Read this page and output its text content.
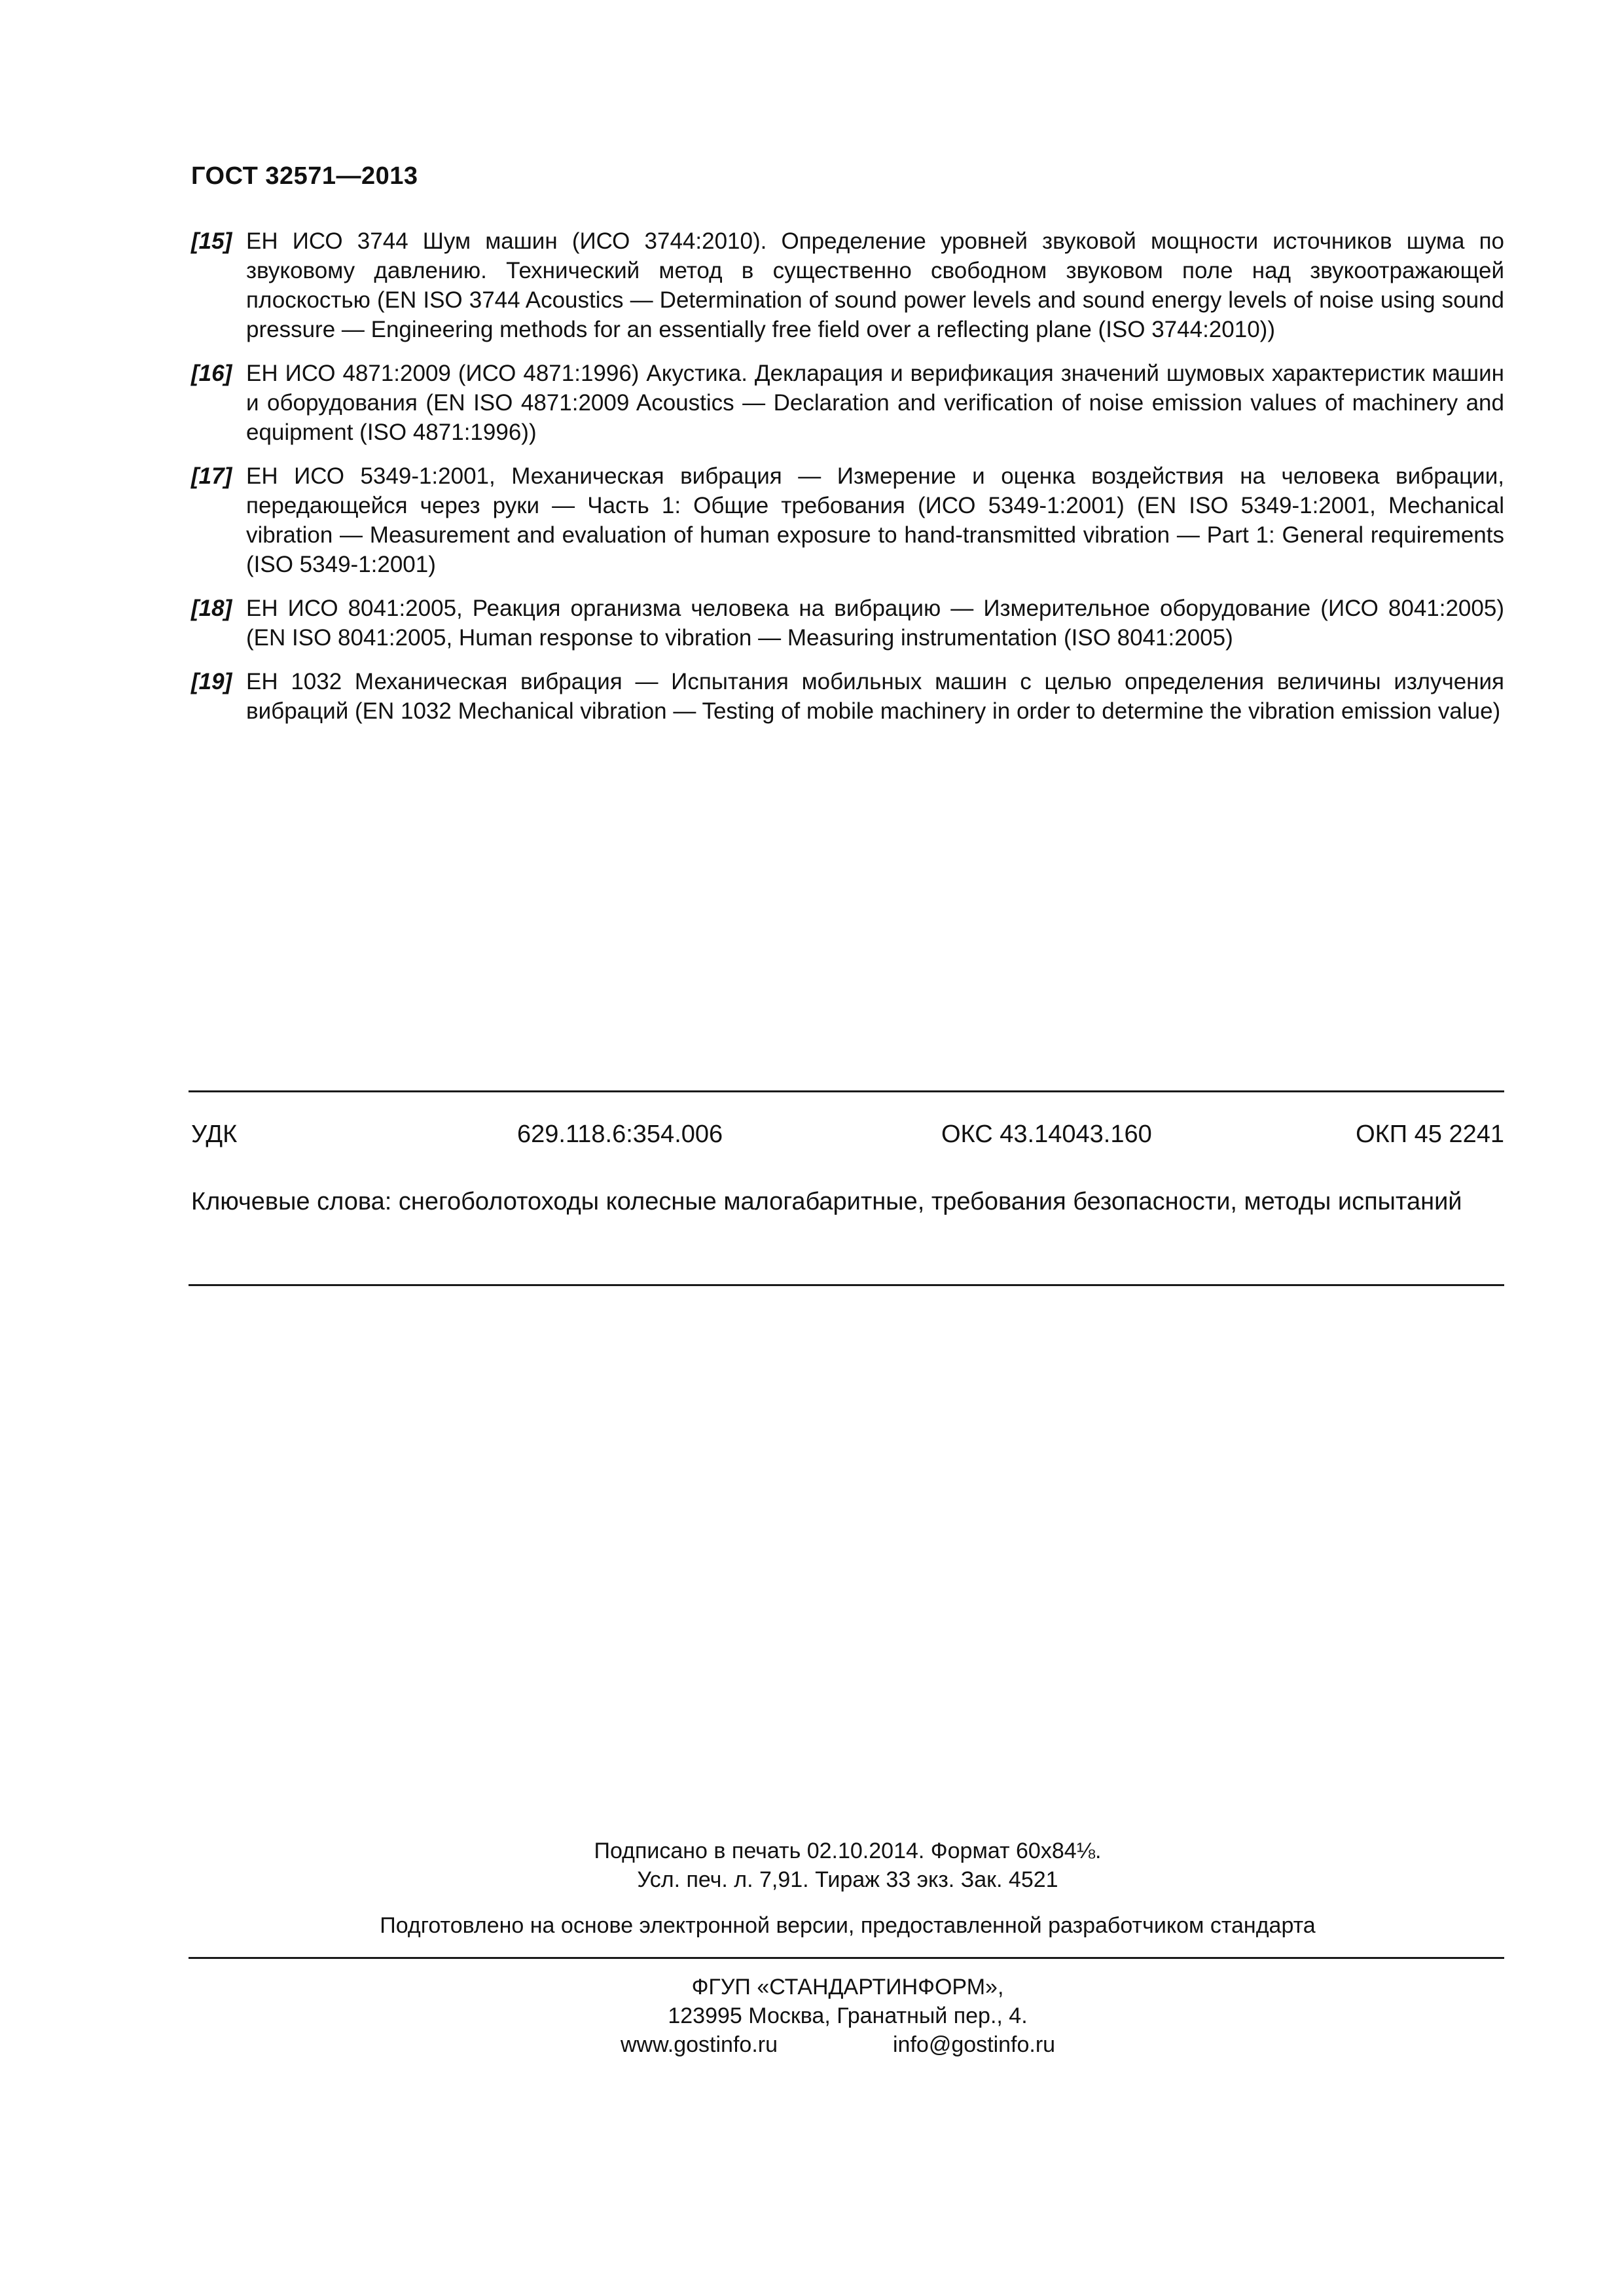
ГОСТ 32571—2013
[15] ЕН ИСО 3744 Шум машин (ИСО 3744:2010). Определение уровней звуковой мощности источников шума по звуковому давлению. Технический метод в существенно свободном звуковом поле над звукоотражающей плоскостью (EN ISO 3744 Acoustics — Determination of sound power levels and sound energy levels of noise using sound pressure — Engineering methods for an essentially free field over a reflecting plane (ISO 3744:2010))
[16] ЕН ИСО 4871:2009 (ИСО 4871:1996) Акустика. Декларация и верификация значений шумовых характеристик машин и оборудования (EN ISO 4871:2009 Acoustics — Declaration and verification of noise emission values of machinery and equipment (ISO 4871:1996))
[17] ЕН ИСО 5349-1:2001, Механическая вибрация — Измерение и оценка воздействия на человека вибрации, передающейся через руки — Часть 1: Общие требования (ИСО 5349-1:2001) (EN ISO 5349-1:2001, Mechanical vibration — Measurement and evaluation of human exposure to hand-transmitted vibration — Part 1: General requirements (ISO 5349-1:2001)
[18] ЕН ИСО 8041:2005, Реакция организма человека на вибрацию — Измерительное оборудование (ИСО 8041:2005) (EN ISO 8041:2005, Human response to vibration — Measuring instrumentation (ISO 8041:2005)
[19] ЕН 1032 Механическая вибрация — Испытания мобильных машин с целью определения величины излучения вибраций (EN 1032 Mechanical vibration — Testing of mobile machinery in order to determine the vibration emission value)
УДК	629.118.6:354.006	ОКС 43.14043.160	ОКП 45 2241
Ключевые слова: снегоболотоходы колесные малогабаритные, требования безопасности, методы испытаний
Подписано в печать 02.10.2014. Формат 60х84⅛.
Усл. печ. л. 7,91. Тираж 33 экз. Зак. 4521
Подготовлено на основе электронной версии, предоставленной разработчиком стандарта
ФГУП «СТАНДАРТИНФОРМ»,
123995 Москва, Гранатный пер., 4.
www.gostinfo.ru	info@gostinfo.ru
